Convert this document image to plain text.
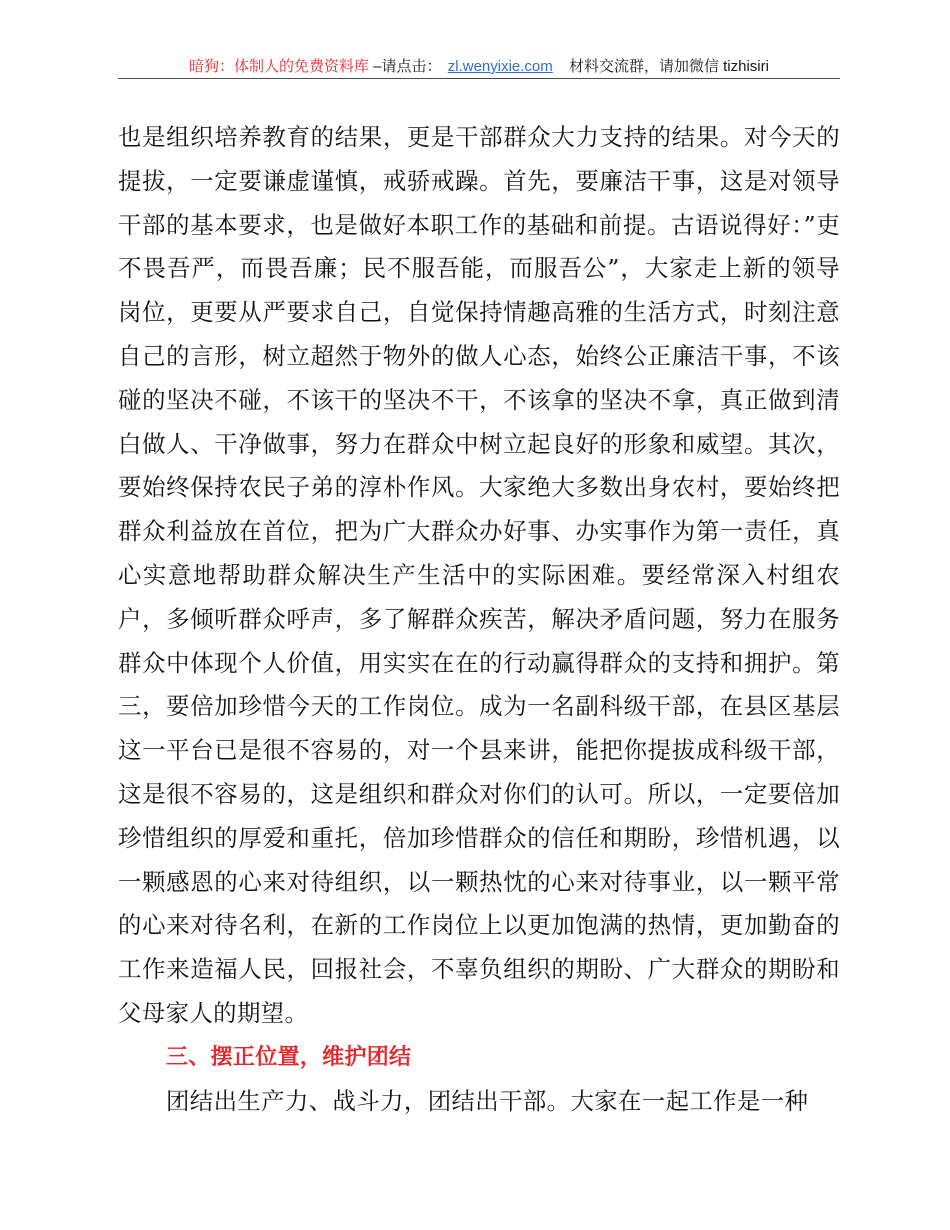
暗狗：体制人的免费资料库 –请点击： zl.wenyixie.com 材料交流群，请加微信 tizhisiri

也是组织培养教育的结果，更是干部群众大力支持的结果。对今天的提拔，一定要谦虚谨慎，戒骄戒躁。首先，要廉洁干事，这是对领导干部的基本要求，也是做好本职工作的基础和前提。古语说得好：”吏不畏吾严，而畏吾廉；民不服吾能，而服吾公”，大家走上新的领导岗位，更要从严要求自己，自觉保持情趣高雅的生活方式，时刻注意自己的言形，树立超然于物外的做人心态，始终公正廉洁干事，不该碰的坚决不碰，不该干的坚决不干，不该拿的坚决不拿，真正做到清白做人、干净做事，努力在群众中树立起良好的形象和威望。其次，要始终保持农民子弟的淳朴作风。大家绝大多数出身农村，要始终把群众利益放在首位，把为广大群众办好事、办实事作为第一责任，真心实意地帮助群众解决生产生活中的实际困难。要经常深入村组农户，多倾听群众呼声，多了解群众疾苦，解决矛盾问题，努力在服务群众中体现个人价值，用实实在在的行动赢得群众的支持和拥护。第三，要倍加珍惜今天的工作岗位。成为一名副科级干部，在县区基层这一平台已是很不容易的，对一个县来讲，能把你提拔成科级干部，这是很不容易的，这是组织和群众对你们的认可。所以，一定要倍加珍惜组织的厚爱和重托，倍加珍惜群众的信任和期盼，珍惜机遇，以一颗感恩的心来对待组织，以一颗热忱的心来对待事业，以一颗平常的心来对待名利，在新的工作岗位上以更加饱满的热情，更加勤奋的工作来造福人民，回报社会，不辜负组织的期盼、广大群众的期盼和父母家人的期望。

三、摆正位置，维护团结

团结出生产力、战斗力，团结出干部。大家在一起工作是一种
